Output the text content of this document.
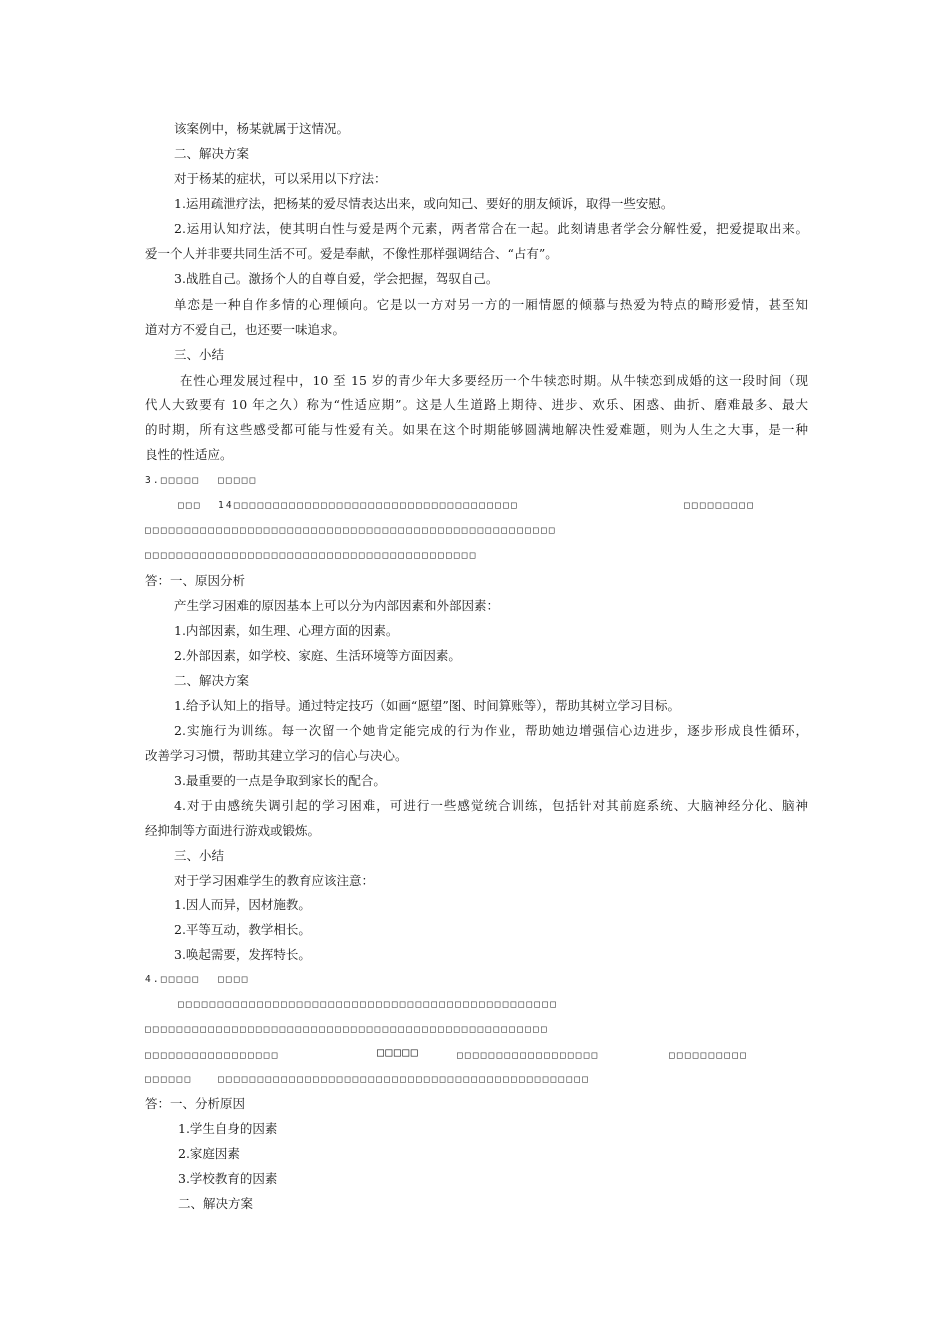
该案例中，杨某就属于这情况。
二、解决方案
对于杨某的症状，可以采用以下疗法：
1.运用疏泄疗法，把杨某的爱尽情表达出来，或向知己、要好的朋友倾诉，取得一些安慰。
2.运用认知疗法，使其明白性与爱是两个元素，两者常合在一起。此刻请患者学会分解性爱，把爱提取出来。
爱一个人并非要共同生活不可。爱是奉献，不像性那样强调结合、“占有”。
3.战胜自己。激扬个人的自尊自爱，学会把握，驾驭自己。
单恋是一种自作多情的心理倾向。它是以一方对另一方的一厢情愿的倾慕与热爱为特点的畸形爱情，甚至知
道对方不爱自己，也还要一味追求。
三、小结
在性心理发展过程中，10 至 15 岁的青少年大多要经历一个牛犊恋时期。从牛犊恋到成婚的这一段时间（现
代人大致要有 10 年之久）称为“性适应期”。这是人生道路上期待、进步、欢乐、困惑、曲折、磨难最多、最大
的时期，所有这些感受都可能与性爱有关。如果在这个时期能够圆满地解决性爱难题，则为人生之大事，是一种
良性的性适应。
3.□□□□□ □□□□□
□□□ 14□□□□□□□□□□□□□□□□□□□□□□□□□□□□□□□□□□□□	□□□□□□□□□
□□□□□□□□□□□□□□□□□□□□□□□□□□□□□□□□□□□□□□□□□□□□□□□□□□□□
□□□□□□□□□□□□□□□□□□□□□□□□□□□□□□□□□□□□□□□□□□
答：一、原因分析
产生学习困难的原因基本上可以分为内部因素和外部因素：
1.内部因素，如生理、心理方面的因素。
2.外部因素，如学校、家庭、生活环境等方面因素。
二、解决方案
1.给予认知上的指导。通过特定技巧（如画“愿望”图、时间算账等），帮助其树立学习目标。
2.实施行为训练。每一次留一个她肯定能完成的行为作业，帮助她边增强信心边进步，逐步形成良性循环，
改善学习习惯，帮助其建立学习的信心与决心。
3.最重要的一点是争取到家长的配合。
4.对于由感统失调引起的学习困难，可进行一些感觉统合训练，包括针对其前庭系统、大脑神经分化、脑神
经抑制等方面进行游戏或锻炼。
三、小结
对于学习困难学生的教育应该注意：
1.因人而异，因材施教。
2.平等互动，教学相长。
3.唤起需要，发挥特长。
4.□□□□□ □□□□
□□□□□□□□□□□□□□□□□□□□□□□□□□□□□□□□□□□□□□□□□□□□□□□□
□□□□□□□□□□□□□□□□□□□□□□□□□□□□□□□□□□□□□□□□□□□□□□□□□□□
□□□□□□□□□□□□□□□□□	□□□□□	□□□□□□□□□□□□□□□□□□	□□□□□□□□□□
□□□□□□	□□□□□□□□□□□□□□□□□□□□□□□□□□□□□□□□□□□□□□□□□□□□□□□
答：一、分析原因
1.学生自身的因素
2.家庭因素
3.学校教育的因素
二、解决方案
